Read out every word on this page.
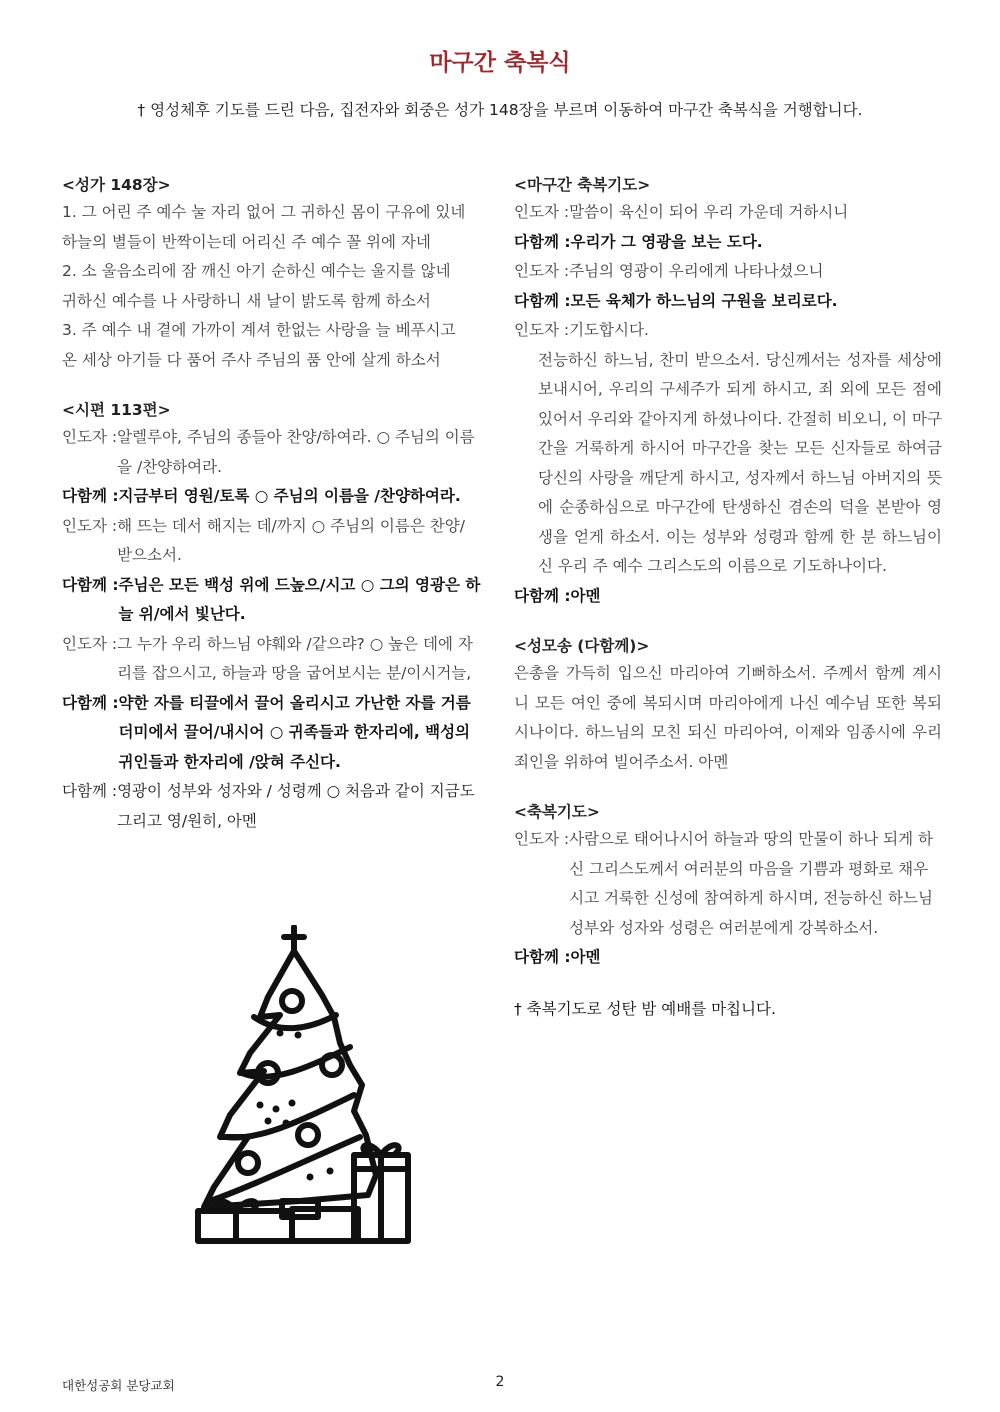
마구간 축복식

† 영성체후 기도를 드린 다음, 집전자와 회중은 성가 148장을 부르며 이동하여 마구간 축복식을 거행합니다.

<성가 148장>

1. 그 어린 주 예수 눌 자리 없어 그 귀하신 몸이 구유에 있네

하늘의 별들이 반짝이는데 어리신 주 예수 꼴 위에 자네

2. 소 울음소리에 잠 깨신 아기 순하신 예수는 울지를 않네

귀하신 예수를 나 사랑하니 새 날이 밝도록 함께 하소서

3. 주 예수 내 곁에 가까이 계셔 한없는 사랑을 늘 베푸시고

온 세상 아기들 다 품어 주사 주님의 품 안에 살게 하소서

<시편 113편>

인도자 : 알렐루야, 주님의 종들아 찬양/하여라. ○ 주님의 이름을 /찬양하여라.
다함께 : 지금부터 영원/토록 ○ 주님의 이름을 /찬양하여라.
인도자 : 해 뜨는 데서 해지는 데/까지 ○ 주님의 이름은 찬양/ 받으소서.
다함께 : 주님은 모든 백성 위에 드높으/시고 ○ 그의 영광은 하늘 위/에서 빛난다.
인도자 : 그 누가 우리 하느님 야훼와 /같으랴? ○ 높은 데에 자리를 잡으시고, 하늘과 땅을 굽어보시는 분/이시거늘,
다함께 : 약한 자를 티끌에서 끌어 올리시고 가난한 자를 거름더미에서 끌어/내시어 ○ 귀족들과 한자리에, 백성의 귀인들과 한자리에 /앉혀 주신다.
다함께 : 영광이 성부와 성자와 / 성령께 ○ 처음과 같이 지금도 그리고 영/원히, 아멘

<마구간 축복기도>

인도자 : 말씀이 육신이 되어 우리 가운데 거하시니
다함께 : 우리가 그 영광을 보는 도다.
인도자 : 주님의 영광이 우리에게 나타나셨으니
다함께 : 모든 육체가 하느님의 구원을 보리로다.
인도자 : 기도합시다.

전능하신 하느님, 찬미 받으소서. 당신께서는 성자를 세상에 보내시어, 우리의 구세주가 되게 하시고, 죄 외에 모든 점에 있어서 우리와 같아지게 하셨나이다. 간절히 비오니, 이 마구간을 거룩하게 하시어 마구간을 찾는 모든 신자들로 하여금 당신의 사랑을 깨닫게 하시고, 성자께서 하느님 아버지의 뜻에 순종하심으로 마구간에 탄생하신 겸손의 덕을 본받아 영생을 얻게 하소서. 이는 성부와 성령과 함께 한 분 하느님이신 우리 주 예수 그리스도의 이름으로 기도하나이다.

다함께 : 아멘

<성모송 (다함께)>

은총을 가득히 입으신 마리아여 기뻐하소서. 주께서 함께 계시니 모든 여인 중에 복되시며 마리아에게 나신 예수님 또한 복되시나이다. 하느님의 모친 되신 마리아여, 이제와 임종시에 우리 죄인을 위하여 빌어주소서. 아멘

<축복기도>

인도자 : 사람으로 태어나시어 하늘과 땅의 만물이 하나 되게 하신 그리스도께서 여러분의 마음을 기쁨과 평화로 채우시고 거룩한 신성에 참여하게 하시며, 전능하신 하느님 성부와 성자와 성령은 여러분에게 강복하소서.
다함께 : 아멘

† 축복기도로 성탄 밤 예배를 마칩니다.

대한성공회 분당교회	2
